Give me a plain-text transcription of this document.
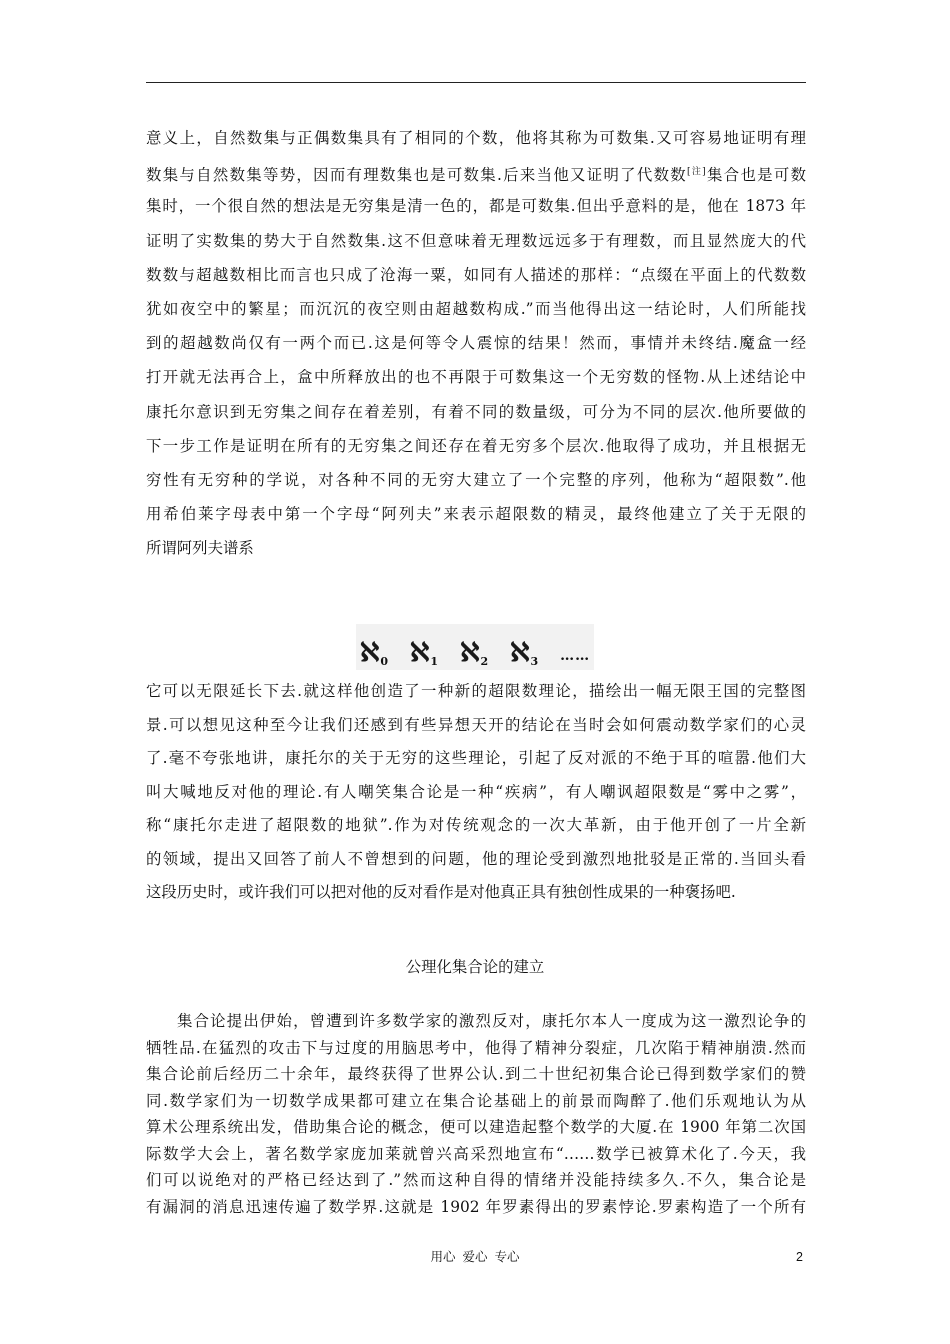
意义上，自然数集与正偶数集具有了相同的个数，他将其称为可数集.又可容易地证明有理
数集与自然数集等势，因而有理数集也是可数集.后来当他又证明了代数数[注]集合也是可数
集时，一个很自然的想法是无穷集是清一色的，都是可数集.但出乎意料的是，他在 1873 年
证明了实数集的势大于自然数集.这不但意味着无理数远远多于有理数，而且显然庞大的代
数数与超越数相比而言也只成了沧海一粟，如同有人描述的那样：“点缀在平面上的代数数
犹如夜空中的繁星；而沉沉的夜空则由超越数构成.”而当他得出这一结论时，人们所能找
到的超越数尚仅有一两个而已.这是何等令人震惊的结果！然而，事情并未终结.魔盒一经
打开就无法再合上，盒中所释放出的也不再限于可数集这一个无穷数的怪物.从上述结论中
康托尔意识到无穷集之间存在着差别，有着不同的数量级，可分为不同的层次.他所要做的
下一步工作是证明在所有的无穷集之间还存在着无穷多个层次.他取得了成功，并且根据无
穷性有无穷种的学说，对各种不同的无穷大建立了一个完整的序列，他称为“超限数”.他
用希伯莱字母表中第一个字母“阿列夫”来表示超限数的精灵，最终他建立了关于无限的
所谓阿列夫谱系
ℵ 0 ℵ 1 ℵ 2 ℵ 3 ……
它可以无限延长下去.就这样他创造了一种新的超限数理论，描绘出一幅无限王国的完整图
景.可以想见这种至今让我们还感到有些异想天开的结论在当时会如何震动数学家们的心灵
了.毫不夸张地讲，康托尔的关于无穷的这些理论，引起了反对派的不绝于耳的喧嚣.他们大
叫大喊地反对他的理论.有人嘲笑集合论是一种“疾病”，有人嘲讽超限数是“雾中之雾”，
称“康托尔走进了超限数的地狱”.作为对传统观念的一次大革新，由于他开创了一片全新
的领域，提出又回答了前人不曾想到的问题，他的理论受到激烈地批驳是正常的.当回头看
这段历史时，或许我们可以把对他的反对看作是对他真正具有独创性成果的一种褒扬吧.
公理化集合论的建立
集合论提出伊始，曾遭到许多数学家的激烈反对，康托尔本人一度成为这一激烈论争的
牺牲品.在猛烈的攻击下与过度的用脑思考中，他得了精神分裂症，几次陷于精神崩溃.然而
集合论前后经历二十余年，最终获得了世界公认.到二十世纪初集合论已得到数学家们的赞
同.数学家们为一切数学成果都可建立在集合论基础上的前景而陶醉了.他们乐观地认为从
算术公理系统出发，借助集合论的概念，便可以建造起整个数学的大厦.在 1900 年第二次国
际数学大会上，著名数学家庞加莱就曾兴高采烈地宣布“……数学已被算术化了.今天，我
们可以说绝对的严格已经达到了.”然而这种自得的情绪并没能持续多久.不久，集合论是
有漏洞的消息迅速传遍了数学界.这就是 1902 年罗素得出的罗素悖论.罗素构造了一个所有
用心 爱心 专心	2
